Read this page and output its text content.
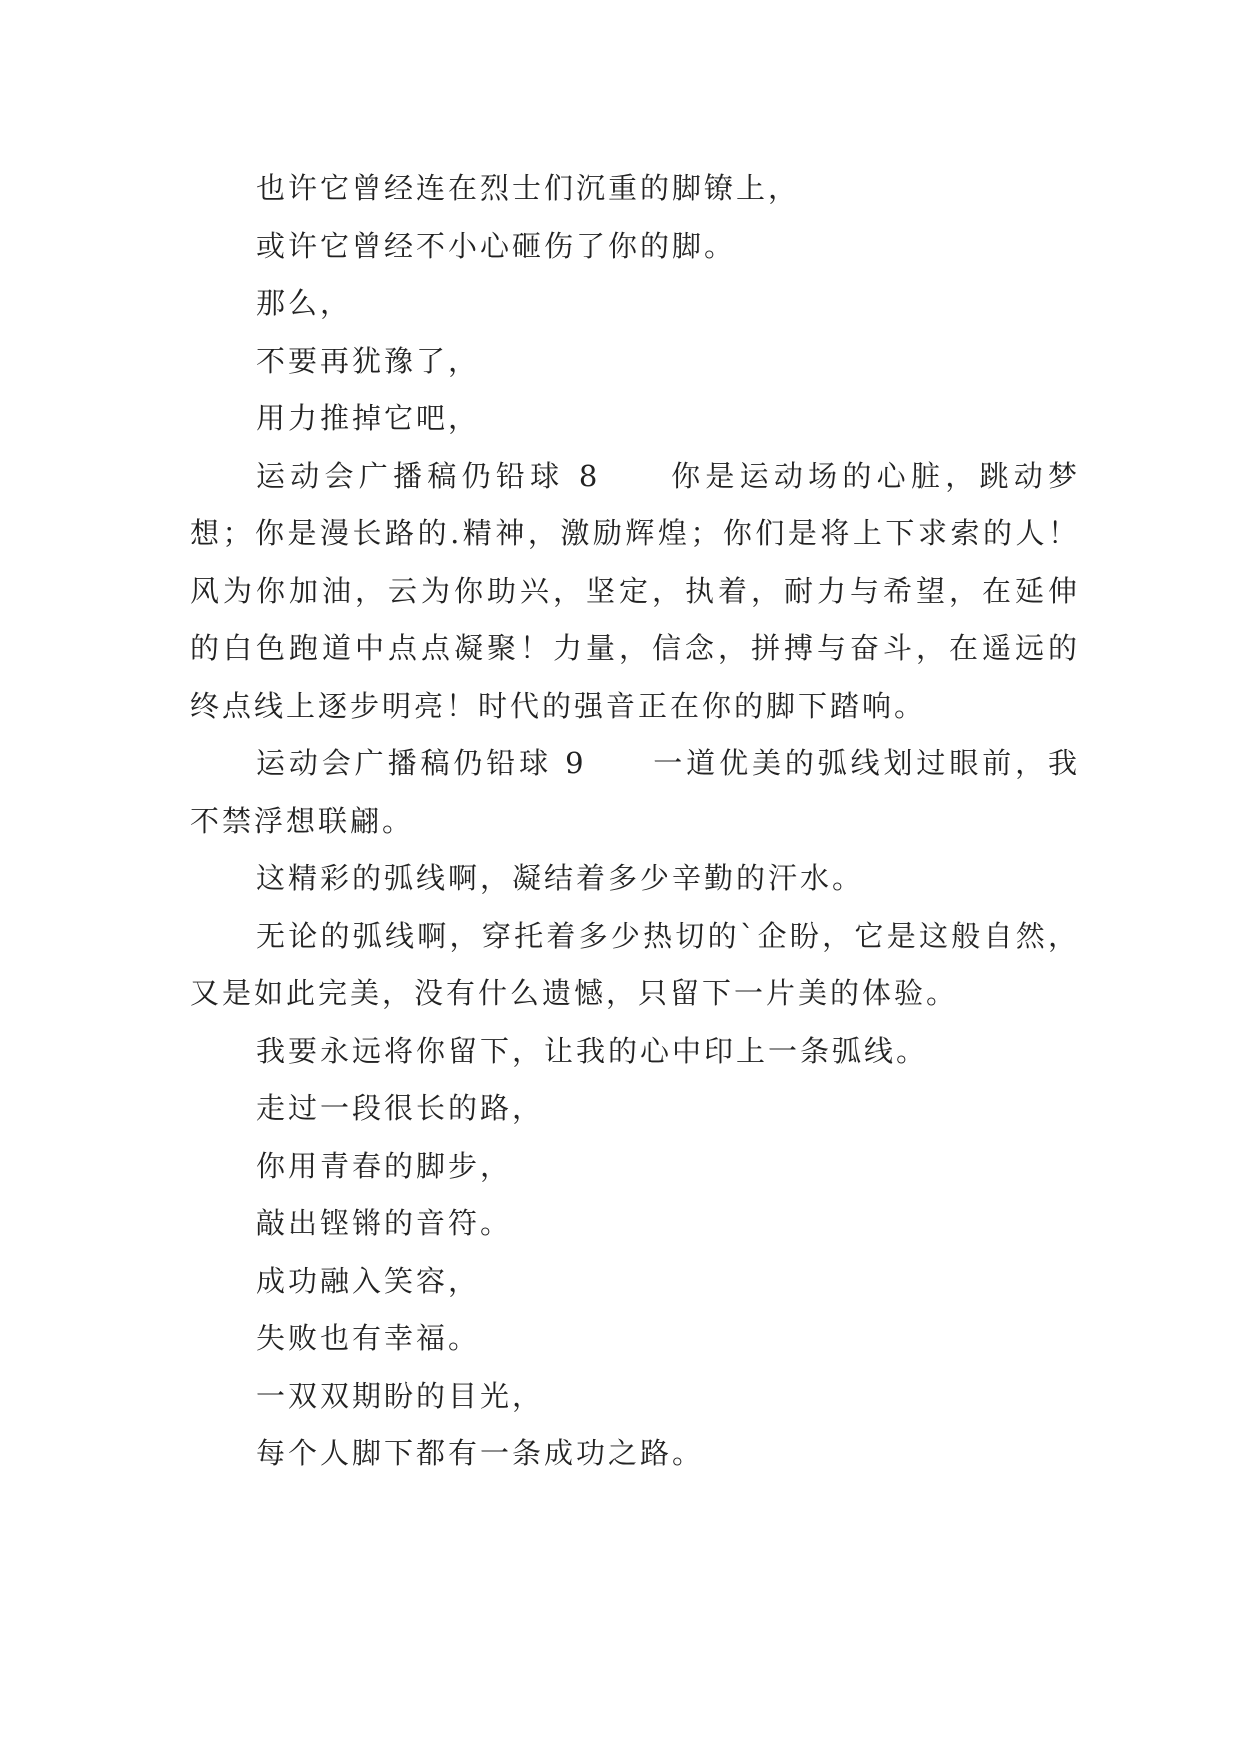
也许它曾经连在烈士们沉重的脚镣上，

或许它曾经不小心砸伤了你的脚。

那么，

不要再犹豫了，

用力推掉它吧，

运动会广播稿仍铅球 8　　你是运动场的心脏，跳动梦想；你是漫长路的.精神，激励辉煌；你们是将上下求索的人！风为你加油，云为你助兴，坚定，执着，耐力与希望，在延伸的白色跑道中点点凝聚！力量，信念，拼搏与奋斗，在遥远的终点线上逐步明亮！时代的强音正在你的脚下踏响。

运动会广播稿仍铅球 9　　一道优美的弧线划过眼前，我不禁浮想联翩。

这精彩的弧线啊，凝结着多少辛勤的汗水。

无论的弧线啊，穿托着多少热切的`企盼，它是这般自然，又是如此完美，没有什么遗憾，只留下一片美的体验。

我要永远将你留下，让我的心中印上一条弧线。

走过一段很长的路，

你用青春的脚步，

敲出铿锵的音符。

成功融入笑容，

失败也有幸福。

一双双期盼的目光，

每个人脚下都有一条成功之路。
